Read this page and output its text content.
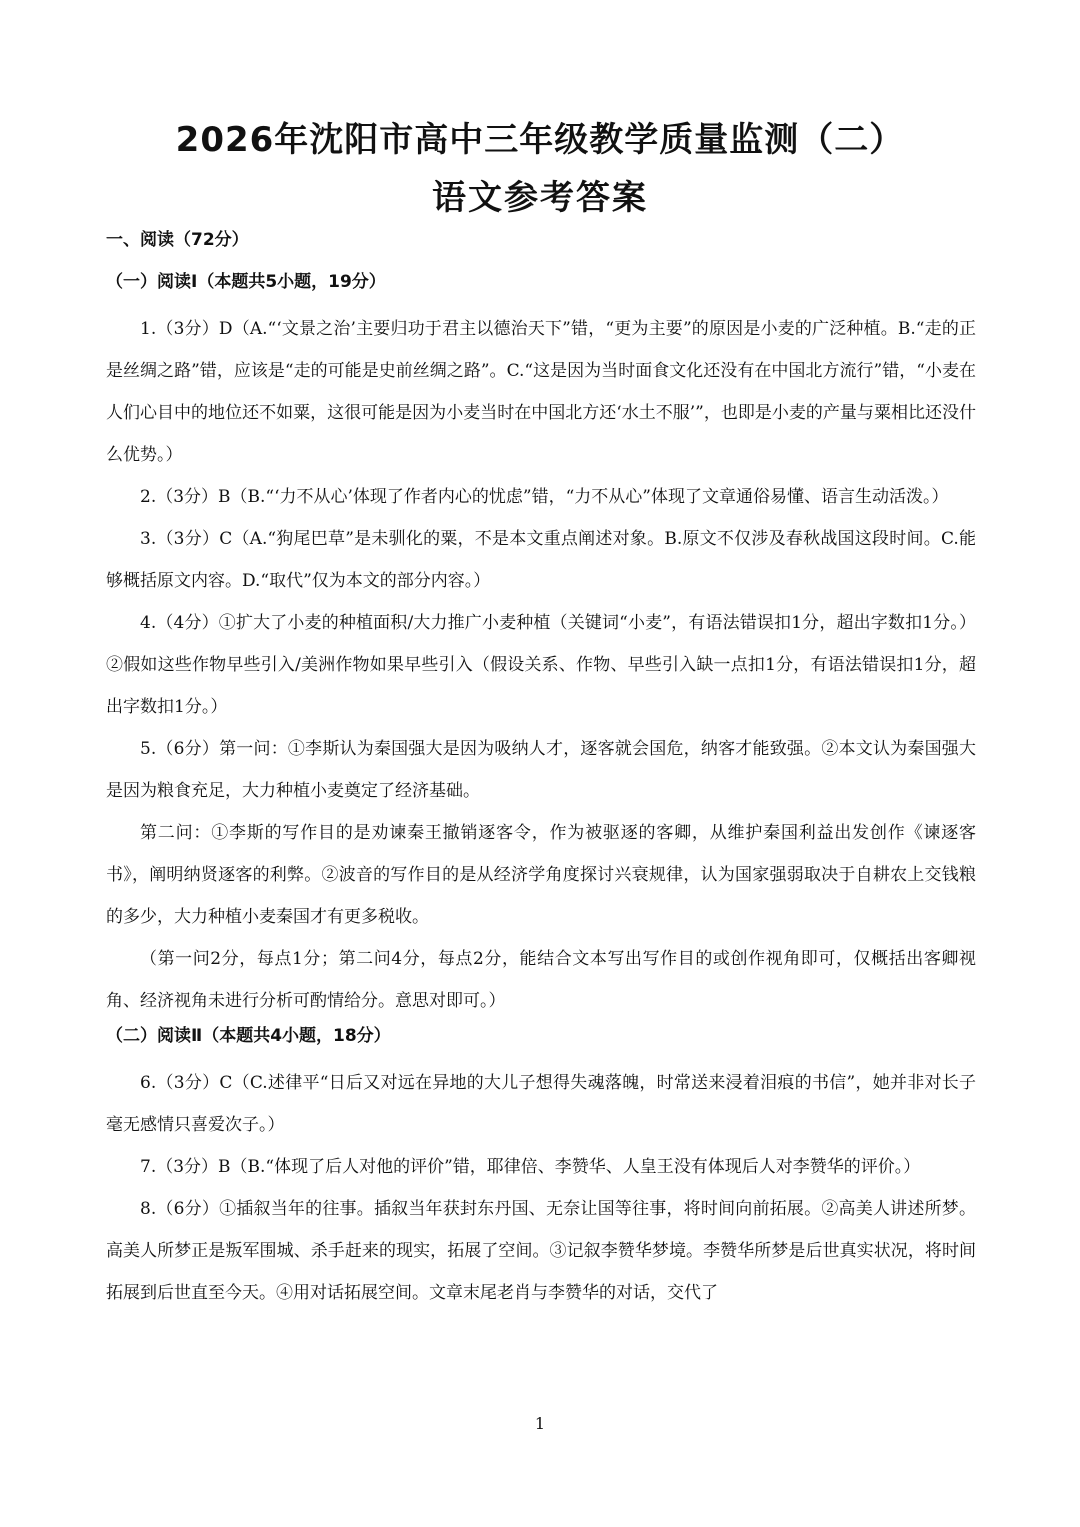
2026年沈阳市高中三年级教学质量监测（二）
语文参考答案

一、阅读（72分）

（一）阅读Ⅰ（本题共5小题，19分）

1.（3分）D（A.“‘文景之治’主要归功于君主以德治天下”错，“更为主要”的原因是小麦的广泛种植。B.“走的正是丝绸之路”错，应该是“走的可能是史前丝绸之路”。C.“这是因为当时面食文化还没有在中国北方流行”错，“小麦在人们心目中的地位还不如粟，这很可能是因为小麦当时在中国北方还‘水土不服’”，也即是小麦的产量与粟相比还没什么优势。）

2.（3分）B（B.“‘力不从心’体现了作者内心的忧虑”错，“力不从心”体现了文章通俗易懂、语言生动活泼。）

3.（3分）C（A.“狗尾巴草”是未驯化的粟，不是本文重点阐述对象。B.原文不仅涉及春秋战国这段时间。C.能够概括原文内容。D.“取代”仅为本文的部分内容。）

4.（4分）①扩大了小麦的种植面积/大力推广小麦种植（关键词“小麦”，有语法错误扣1分，超出字数扣1分。）②假如这些作物早些引入/美洲作物如果早些引入（假设关系、作物、早些引入缺一点扣1分，有语法错误扣1分，超出字数扣1分。）

5.（6分）第一问：①李斯认为秦国强大是因为吸纳人才，逐客就会国危，纳客才能致强。②本文认为秦国强大是因为粮食充足，大力种植小麦奠定了经济基础。

第二问：①李斯的写作目的是劝谏秦王撤销逐客令，作为被驱逐的客卿，从维护秦国利益出发创作《谏逐客书》，阐明纳贤逐客的利弊。②波音的写作目的是从经济学角度探讨兴衰规律，认为国家强弱取决于自耕农上交钱粮的多少，大力种植小麦秦国才有更多税收。

（第一问2分，每点1分；第二问4分，每点2分，能结合文本写出写作目的或创作视角即可，仅概括出客卿视角、经济视角未进行分析可酌情给分。意思对即可。）

（二）阅读Ⅱ（本题共4小题，18分）

6.（3分）C（C.述律平“日后又对远在异地的大儿子想得失魂落魄，时常送来浸着泪痕的书信”，她并非对长子毫无感情只喜爱次子。）

7.（3分）B（B.“体现了后人对他的评价”错，耶律倍、李赞华、人皇王没有体现后人对李赞华的评价。）

8.（6分）①插叙当年的往事。插叙当年获封东丹国、无奈让国等往事，将时间向前拓展。②高美人讲述所梦。高美人所梦正是叛军围城、杀手赶来的现实，拓展了空间。③记叙李赞华梦境。李赞华所梦是后世真实状况，将时间拓展到后世直至今天。④用对话拓展空间。文章末尾老肖与李赞华的对话，交代了

1
